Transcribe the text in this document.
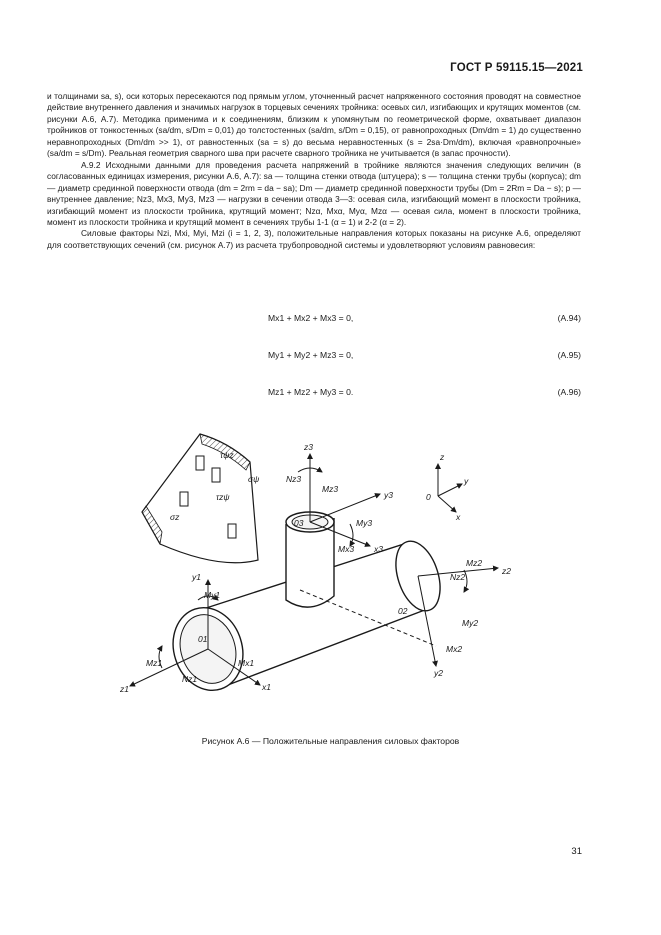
ГОСТ Р 59115.15—2021

и толщинами sa, s), оси которых пересекаются под прямым углом, уточненный расчет напряженного состояния проводят на совместное действие внутреннего давления и значимых нагрузок в торцевых сечениях тройника: осевых сил, изгибающих и крутящих моментов (см. рисунки А.6, А.7). Методика применима и к соединениям, близким к упомянутым по геометрической форме, охватывает диапазон тройников от тонкостенных (sa/dm, s/Dm = 0,01) до толстостенных (sa/dm, s/Dm = 0,15), от равнопроходных (Dm/dm = 1) до существенно неравнопроходных (Dm/dm >> 1), от равностенных (sa = s) до весьма неравностенных (s = 2sa·Dm/dm), включая «равнопрочные» (sa/dm = s/Dm). Реальная геометрия сварного шва при расчете сварного тройника не учитывается (в запас прочности).

А.9.2 Исходными данными для проведения расчета напряжений в тройнике являются значения следующих величин (в согласованных единицах измерения, рисунки А.6, А.7): sa — толщина стенки отвода (штуцера); s — толщина стенки трубы (корпуса); dm — диаметр срединной поверхности отвода (dm = 2rm = da − sa); Dm — диаметр срединной поверхности трубы (Dm = 2Rm = Da − s); p — внутреннее давление; Nz3, Mx3, My3, Mz3 — нагрузки в сечении отвода 3—3: осевая сила, изгибающий момент в плоскости тройника, изгибающий момент из плоскости тройника, крутящий момент; Nzα, Mxα, Myα, Mzα — осевая сила, момент в плоскости тройника, момент из плоскости тройника и крутящий момент в сечениях трубы 1-1 (α = 1) и 2-2 (α = 2).

Силовые факторы Nzi, Mxi, Myi, Mzi (i = 1, 2, 3), положительные направления которых показаны на рисунке А.6, определяют для соответствующих сечений (см. рисунок А.7) из расчета трубопроводной системы и удовлетворяют условиям равновесия:

Mx1 + Mx2 + Mx3 = 0,	(А.94)
My1 + My2 + Mz3 = 0,	(А.95)
Mz1 + Mz2 + My3 = 0.	(А.96)
z3
Nz3
Mz3
y3
My3
x3
Mx3
03
y1
My1
Mz1
z1
01
Nz1
Mx1
x1
Mz2
Nz2
z2
02
My2
Mx2
y2
z
y
x
0
τψz
σψ
σz
τzψ
Рисунок А.6 — Положительные направления силовых факторов
31
